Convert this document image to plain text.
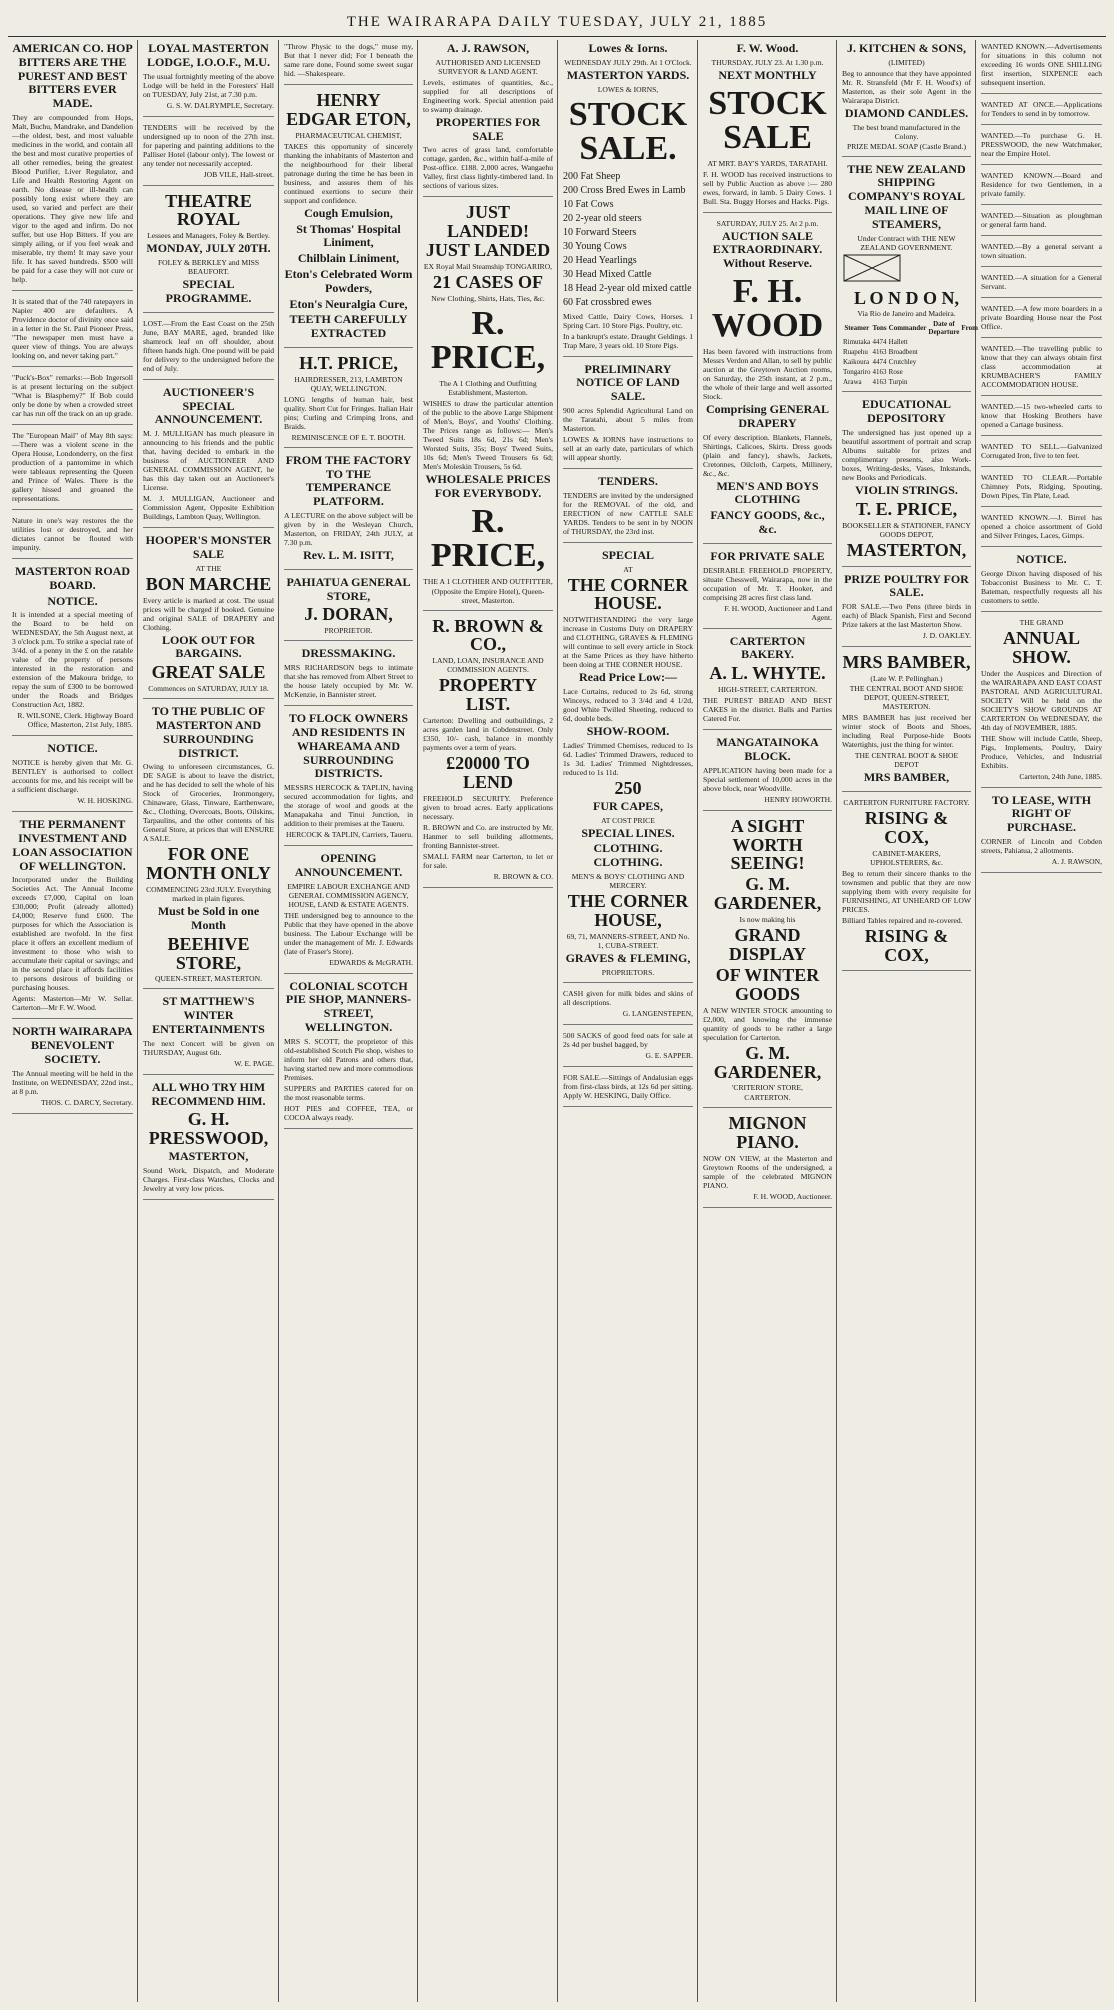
THE WAIRARAPA DAILY TUESDAY, JULY 21, 1885
AMERICAN CO. HOP BITTERS ARE THE PUREST AND BEST BITTERS EVER MADE.
They are compounded from Hops, Malt, Buchu, Mandrake, and Dandelion —the oldest, best, and most valuable medicines in the world, and contain all the best and most curative properties of all other remedies, being the greatest Blood Purifier, Liver Regulator, and Life and Health Restoring Agent on earth. No disease or ill-health can possibly long exist where they are used, so varied and perfect are their operations. They give new life and vigor to the aged and infirm. Do not suffer, but use Hop Bitters. If you are simply ailing, or if you feel weak and miserable, try them! It may save your life. It has saved hundreds. $500 will be paid for a case they will not cure or help.
It is stated that of the 740 ratepayers in Napier 400 are defaulters. A Providence doctor of divinity once said in a letter in the St. Paul Pioneer Press, "The newspaper men must have a queer view of things. You are always looking on, and never taking part."
"Puck's-Box" remarks:—Bob Ingersoll is at present lecturing on the subject "What is Blasphemy?" If Bob could only be done by when a crowded street car has run off the track on an up grade.
The "European Mail" of May 8th says:—There was a violent scene in the Opera House, Londonderry, on the first production of a pantomime in which were tableaux representing the Queen and Prince of Wales. There is the gallery hissed and groaned the representations.
Nature in one's way restores the the utilities lost or destroyed, and her dictates cannot be flouted with impunity.
MASTERTON ROAD BOARD.
NOTICE.
It is intended at a special meeting of the Board to be held on WEDNESDAY, the 5th August next, at 3 o'clock p.m. To strike a special rate of 3/4d. of a penny in the £ on the ratable value of the property of persons interested in the restoration and extension of the Makoura bridge, to repay the sum of £300 to be borrowed under the Roads and Bridges Construction Act, 1882.
R. WILSONE, Clerk. Highway Board Office, Masterton, 21st July, 1885.
NOTICE.
NOTICE is hereby given that Mr. G. BENTLEY is authorised to collect accounts for me, and his receipt will be a sufficient discharge.
W. H. HOSKING.
THE PERMANENT INVESTMENT AND LOAN ASSOCIATION OF WELLINGTON.
Incorporated under the Building Societies Act. The Annual Income exceeds £7,000, Capital on loan £30,000; Profit (already allotted) £4,000; Reserve fund £600. The purposes for which the Association is established are twofold. In the first place it offers an excellent medium of investment to those who wish to accumulate their capital or savings; and in the second place it affords facilities to persons desirous of building or purchasing houses.
Agents: Masterton—Mr W. Sellar. Carterton—Mr F. W. Wood.
NORTH WAIRARAPA BENEVOLENT SOCIETY.
The Annual meeting will be held in the Institute, on WEDNESDAY, 22nd inst., at 8 p.m.
THOS. C. DARCY, Secretary.
LOYAL MASTERTON LODGE, I.O.O.F., M.U.
The usual fortnightly meeting of the above Lodge will be held in the Foresters' Hall on TUESDAY, July 21st, at 7.30 p.m.
G. S. W. DALRYMPLE, Secretary.
TENDERS will be received by the undersigned up to noon of the 27th inst. for papering and painting additions to the Palliser Hotel (labour only). The lowest or any tender not necessarily accepted.
JOB VILE, Hall-street.
THEATRE ROYAL
Lessees and Managers, Foley & Bertley.
MONDAY, JULY 20TH.
FOLEY & BERKLEY and MISS BEAUFORT.
SPECIAL PROGRAMME.
LOST.—From the East Coast on the 25th June, BAY MARE, aged, branded like shamrock leaf on off shoulder, about fifteen hands high. One pound will be paid for delivery to the undersigned before the end of July.
AUCTIONEER'S SPECIAL ANNOUNCEMENT.
M. J. MULLIGAN has much pleasure in announcing to his friends and the public that, having decided to embark in the business of AUCTIONEER AND GENERAL COMMISSION AGENT, he has this day taken out an Auctioneer's License.
M. J. MULLIGAN, Auctioneer and Commission Agent, Opposite Exhibition Buildings, Lambton Quay, Wellington.
HOOPER'S MONSTER SALE
AT THE
BON MARCHE
Every article is marked at cost. The usual prices will be charged if booked. Genuine and original SALE of DRAPERY and Clothing.
LOOK OUT FOR BARGAINS.
GREAT SALE
Commences on SATURDAY, JULY 18.
TO THE PUBLIC OF MASTERTON AND SURROUNDING DISTRICT.
Owing to unforeseen circumstances, G. DE SAGE is about to leave the district, and he has decided to sell the whole of his Stock of Groceries, Ironmongery, Chinaware, Glass, Tinware, Earthenware, &c., Clothing, Overcoats, Boots, Oilskins, Tarpaulins, and the other contents of his General Store, at prices that will ENSURE A SALE.
FOR ONE MONTH ONLY
COMMENCING 23rd JULY. Everything marked in plain figures.
Must be Sold in one Month
BEEHIVE STORE,
QUEEN-STREET, MASTERTON.
ST MATTHEW'S WINTER ENTERTAINMENTS
The next Concert will be given on THURSDAY, August 6th.
W. E. PAGE.
ALL WHO TRY HIM RECOMMEND HIM.
G. H. PRESSWOOD,
MASTERTON,
Sound Work, Dispatch, and Moderate Charges. First-class Watches, Clocks and Jewelry at very low prices.
"Throw Physic to the dogs," muse my, But that I never did; For I beneath the same rare done, Found some sweet sugar hid. —Shakespeare.
HENRY EDGAR ETON,
PHARMACEUTICAL CHEMIST,
TAKES this opportunity of sincerely thanking the inhabitants of Masterton and the neighbourhood for their liberal patronage during the time he has been in business, and assures them of his continued exertions to secure their support and confidence.
Cough Emulsion,
St Thomas' Hospital Liniment,
Chilblain Liniment,
Eton's Celebrated Worm Powders,
Eton's Neuralgia Cure,
TEETH CAREFULLY EXTRACTED
H.T. PRICE,
HAIRDRESSER, 213, LAMBTON QUAY, WELLINGTON.
LONG lengths of human hair, best quality. Short Cut for Fringes. Italian Hair pins; Curling and Crimping Irons, and Braids.
REMINISCENCE OF E. T. BOOTH.
FROM THE FACTORY TO THE TEMPERANCE PLATFORM.
A LECTURE on the above subject will be given by in the Wesleyan Church, Masterton, on FRIDAY, 24th JULY, at 7.30 p.m.
Rev. L. M. ISITT,
PAHIATUA GENERAL STORE,
J. DORAN,
PROPRIETOR.
DRESSMAKING.
MRS RICHARDSON begs to intimate that she has removed from Albert Street to the house lately occupied by Mr. W. McKenzie, in Bannister street.
TO FLOCK OWNERS AND RESIDENTS IN WHAREAMA AND SURROUNDING DISTRICTS.
MESSRS HERCOCK & TAPLIN, having secured accommodation for lights, and the storage of wool and goods at the Manapakaha and Tinui Junction, in addition to their premises at the Taueru.
HERCOCK & TAPLIN, Carriers, Taueru.
OPENING ANNOUNCEMENT.
EMPIRE LABOUR EXCHANGE AND GENERAL COMMISSION AGENCY, HOUSE, LAND & ESTATE AGENTS.
THE undersigned beg to announce to the Public that they have opened in the above business. The Labour Exchange will be under the management of Mr. J. Edwards (late of Fraser's Store).
EDWARDS & McGRATH.
COLONIAL SCOTCH PIE SHOP, MANNERS-STREET, WELLINGTON.
MRS S. SCOTT, the proprietor of this old-established Scotch Pie shop, wishes to inform her old Patrons and others that, having started new and more commodious Premises.
SUPPERS and PARTIES catered for on the most reasonable terms.
HOT PIES and COFFEE, TEA, or COCOA always ready.
A. J. RAWSON,
AUTHORISED AND LICENSED SURVEYOR & LAND AGENT.
Levels, estimates of quantities, &c., supplied for all descriptions of Engineering work. Special attention paid to swamp drainage.
PROPERTIES FOR SALE
Two acres of grass land, comfortable cottage, garden, &c., within half-a-mile of Post-office. £188. 2,000 acres, Wangaehu Valley, first class lightly-timbered land. In sections of various sizes.
JUST LANDED! JUST LANDED
EX Royal Mail Steamship TONGARIRO,
21 CASES OF
New Clothing, Shirts, Hats, Ties, &c.
R. PRICE,
The A 1 Clothing and Outfitting Establishment, Masterton.
WISHES to draw the particular attention of the public to the above Large Shipment of Men's, Boys', and Youths' Clothing. The Prices range as follows:— Men's Tweed Suits 18s 6d, 21s 6d; Men's Worsted Suits, 35s; Boys' Tweed Suits, 10s 6d; Men's Tweed Trousers 6s 6d; Men's Moleskin Trousers, 5s 6d.
WHOLESALE PRICES FOR EVERYBODY.
R. PRICE,
THE A 1 CLOTHIER AND OUTFITTER,
(Opposite the Empire Hotel), Queen-street, Masterton.
R. BROWN & CO.,
LAND, LOAN, INSURANCE AND COMMISSION AGENTS.
PROPERTY LIST.
Carterton: Dwelling and outbuildings, 2 acres garden land in Cobdenstreet. Only £350, 10/- cash, balance in monthly payments over a term of years.
£20000 TO LEND
FREEHOLD SECURITY. Preference given to broad acres. Early applications necessary.
R. BROWN and Co. are instructed by Mr. Hanmer to sell building allotments, fronting Bannister-street.
SMALL FARM near Carterton, to let or for sale.
R. BROWN & CO.
Lowes & Iorns.
WEDNESDAY JULY 29th. At 1 O'Clock.
MASTERTON YARDS.
LOWES & IORNS,
STOCK SALE.
200 Fat Sheep
200 Cross Bred Ewes in Lamb
10 Fat Cows
20 2-year old steers
10 Forward Steers
30 Young Cows
20 Head Yearlings
30 Head Mixed Cattle
18 Head 2-year old mixed cattle
60 Fat crossbred ewes
Mixed Cattle, Dairy Cows, Horses. 1 Spring Cart. 10 Store Pigs. Poultry, etc.
In a bankrupt's estate. Draught Geldings. 1 Trap Mare, 3 years old. 10 Store Pigs.
PRELIMINARY NOTICE OF LAND SALE.
900 acres Splendid Agricultural Land on the Taratahi, about 5 miles from Masterton.
LOWES & IORNS have instructions to sell at an early date, particulars of which will appear shortly.
TENDERS.
TENDERS are invited by the undersigned for the REMOVAL of the old, and ERECTION of new CATTLE SALE YARDS. Tenders to be sent in by NOON of THURSDAY, the 23rd inst.
SPECIAL
AT
THE CORNER HOUSE.
NOTWITHSTANDING the very large increase in Customs Duty on DRAPERY and CLOTHING, GRAVES & FLEMING will continue to sell every article in Stock at the Same Prices as they have hitherto been doing at THE CORNER HOUSE.
Read Price Low:—
Lace Curtains, reduced to 2s 6d, strong Winceys, reduced to 3 3/4d and 4 1/2d, good White Twilled Sheeting, reduced to 6d, double beds.
SHOW-ROOM.
Ladies' Trimmed Chemises, reduced to 1s 6d. Ladies' Trimmed Drawers, reduced to 1s 3d. Ladies' Trimmed Nightdresses, reduced to 1s 11d.
250
FUR CAPES,
AT COST PRICE
SPECIAL LINES.
CLOTHING. CLOTHING.
MEN'S & BOYS' CLOTHING AND MERCERY.
THE CORNER HOUSE,
69, 71, MANNERS-STREET, AND No. 1, CUBA-STREET.
GRAVES & FLEMING,
PROPRIETORS.
CASH given for milk bides and skins of all descriptions.
G. LANGENSTEPEN,
500 SACKS of good feed oats for sale at 2s 4d per bushel bagged, by
G. E. SAPPER.
FOR SALE.—Sittings of Andalusian eggs from first-class birds, at 12s 6d per sitting. Apply W. HESKING, Daily Office.
F. W. Wood.
THURSDAY, JULY 23. At 1.30 p.m.
NEXT MONTHLY
STOCK SALE
AT MRT. BAY'S YARDS, TARATAHI.
F. H. WOOD has received instructions to sell by Public Auction as above :— 280 ewes, forward, in lamb. 5 Dairy Cows. 1 Bull. Sta. Buggy Horses and Hacks. Pigs.
SATURDAY, JULY 25. At 2 p.m.
AUCTION SALE EXTRAORDINARY. Without Reserve.
F. H. WOOD
Has been favored with instructions from Messrs Verdon and Allan, to sell by public auction at the Greytown Auction rooms, on Saturday, the 25th instant, at 2 p.m., the whole of their large and well assorted Stock.
Comprising GENERAL DRAPERY
Of every description. Blankets, Flannels, Shirtings, Calicoes, Skirts. Dress goods (plain and fancy), shawls, Jackets, Cretonnes, Oilcloth, Carpets, Millinery, &c., &c.
MEN'S AND BOYS CLOTHING
FANCY GOODS, &c., &c.
FOR PRIVATE SALE
DESIRABLE FREEHOLD PROPERTY, situate Chesswell, Wairarapa, now in the occupation of Mr. T. Hooker, and comprising 28 acres first class land.
F. H. WOOD, Auctioneer and Land Agent.
CARTERTON BAKERY.
A. L. WHYTE.
HIGH-STREET, CARTERTON.
THE PUREST BREAD AND BEST CAKES in the district. Balls and Parties Catered For.
MANGATAINOKA BLOCK.
APPLICATION having been made for a Special settlement of 10,000 acres in the above block, near Woodville.
HENRY HOWORTH.
A SIGHT WORTH SEEING!
G. M. GARDENER,
Is now making his
GRAND DISPLAY
OF WINTER GOODS
A NEW WINTER STOCK amounting to £2,000, and knowing the immense quantity of goods to be rather a large speculation for Carterton.
G. M. GARDENER,
'CRITERION' STORE,
CARTERTON.
MIGNON PIANO.
NOW ON VIEW, at the Masterton and Greytown Rooms of the undersigned, a sample of the celebrated MIGNON PIANO.
F. H. WOOD, Auctioneer.
J. KITCHEN & SONS,
(LIMITED)
Beg to announce that they have appointed Mr. R. Stransfeld (Mr F. H. Wood's) of Masterton, as their sole Agent in the Wairarapa District.
DIAMOND CANDLES.
The best brand manufactured in the Colony.
PRIZE MEDAL SOAP (Castle Brand.)
THE NEW ZEALAND SHIPPING COMPANY'S ROYAL MAIL LINE OF STEAMERS,
Under Contract with THE NEW ZEALAND GOVERNMENT.
L O N D O N,
Via Rio de Janeiro and Madeira.
Steamer	Tons	Commander	Date of Departure	From
Rimutaka	4474	Hallett		
Ruapehu	4163	Broadbent		
Kaikoura	4474	Crutchley		
Tongariro	4163	Rose		
Arawa	4163	Turpin		
EDUCATIONAL DEPOSITORY
The undersigned has just opened up a beautiful assortment of portrait and scrap Albums suitable for prizes and complimentary presents, also Work-boxes, Writing-desks, Vases, Inkstands, new Books and Periodicals.
VIOLIN STRINGS.
T. E. PRICE,
BOOKSELLER & STATIONER, FANCY GOODS DEPOT,
MASTERTON,
PRIZE POULTRY FOR SALE.
FOR SALE.—Two Pens (three birds in each) of Black Spanish, First and Second Prize takers at the last Masterton Show.
J. D. OAKLEY.
MRS BAMBER,
(Late W. P. Pellinghan.)
THE CENTRAL BOOT AND SHOE DEPOT, QUEEN-STREET, MASTERTON.
MRS BAMBER has just received her winter stock of Boots and Shoes, including Real Purpose-hide Boots Watertights, just the thing for winter.
THE CENTRAL BOOT & SHOE DEPOT
MRS BAMBER,
CARTERTON FURNITURE FACTORY.
RISING & COX,
CABINET-MAKERS, UPHOLSTERERS, &c.
Beg to return their sincere thanks to the townsmen and public that they are now supplying them with every requisite for FURNISHING, AT UNHEARD OF LOW PRICES.
Billiard Tables repaired and re-covered.
RISING & COX,
WANTED KNOWN.—Advertisements for situations in this column not exceeding 16 words ONE SHILLING first insertion, SIXPENCE each subsequent insertion.
WANTED AT ONCE.—Applications for Tenders to send in by tomorrow.
WANTED.—To purchase G. H. PRESSWOOD, the new Watchmaker, near the Empire Hotel.
WANTED KNOWN.—Board and Residence for two Gentlemen, in a private family.
WANTED.—Situation as ploughman or general farm hand.
WANTED.—By a general servant a town situation.
WANTED.—A situation for a General Servant.
WANTED.—A few more boarders in a private Boarding House near the Post Office.
WANTED.—The travelling public to know that they can always obtain first class accommodation at KRUMBACHER'S FAMILY ACCOMMODATION HOUSE.
WANTED.—15 two-wheeled carts to know that Hosking Brothers have opened a Cartage business.
WANTED TO SELL.—Galvanized Corrugated Iron, five to ten feet.
WANTED TO CLEAR.—Portable Chimney Pots, Ridging, Spouting, Down Pipes, Tin Plate, Lead.
WANTED KNOWN.—J. Birrel has opened a choice assortment of Gold and Silver Fringes, Laces, Gimps.
NOTICE.
George Dixon having disposed of his Tobacconist Business to Mr. C. T. Bateman, respectfully requests all his customers to settle.
THE GRAND
ANNUAL SHOW.
Under the Auspices and Direction of the WAIRARAPA AND EAST COAST PASTORAL AND AGRICULTURAL SOCIETY Will be held on the SOCIETY'S SHOW GROUNDS AT CARTERTON On WEDNESDAY, the 4th day of NOVEMBER, 1885.
THE Show will include Cattle, Sheep, Pigs, Implements, Poultry, Dairy Produce, Vehicles, and Industrial Exhibits.
Carterton, 24th June, 1885.
TO LEASE, WITH RIGHT OF PURCHASE.
CORNER of Lincoln and Cobden streets, Pahiatua, 2 allotments.
A. J. RAWSON,
